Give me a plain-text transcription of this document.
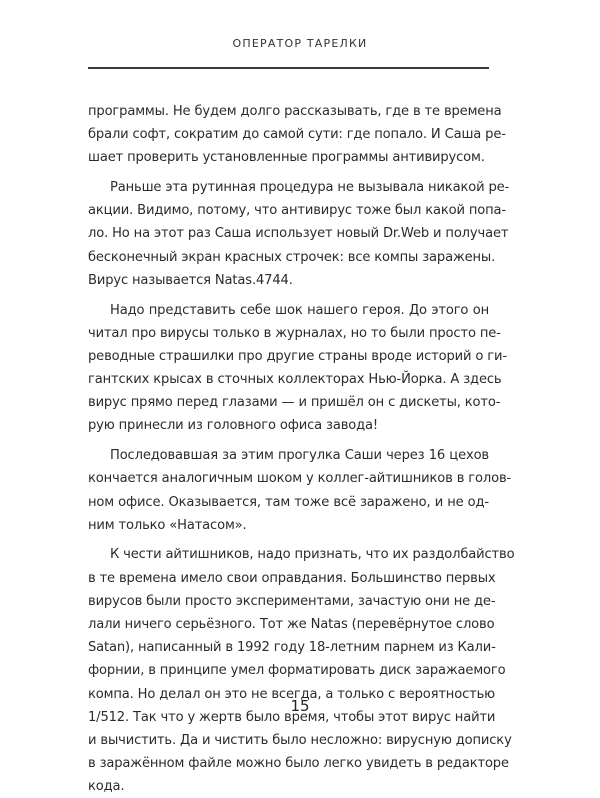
ОПЕРАТОР ТАРЕЛКИ
программы. Не будем долго рассказывать, где в те времена
брали софт, сократим до самой сути: где попало. И Саша ре-
шает проверить установленные программы антивирусом.
Раньше эта рутинная процедура не вызывала никакой ре-
акции. Видимо, потому, что антивирус тоже был какой попа-
ло. Но на этот раз Саша использует новый Dr.Web и получает
бесконечный экран красных строчек: все компы заражены.
Вирус называется Natas.4744.
Надо представить себе шок нашего героя. До этого он
читал про вирусы только в журналах, но то были просто пе-
реводные страшилки про другие страны вроде историй о ги-
гантских крысах в сточных коллекторах Нью-Йорка. А здесь
вирус прямо перед глазами — и пришёл он с дискеты, кото-
рую принесли из головного офиса завода!
Последовавшая за этим прогулка Саши через 16 цехов
кончается аналогичным шоком у коллег-айтишников в голов-
ном офисе. Оказывается, там тоже всё заражено, и не од-
ним только «Натасом».
К чести айтишников, надо признать, что их раздолбайство
в те времена имело свои оправдания. Большинство первых
вирусов были просто экспериментами, зачастую они не де-
лали ничего серьёзного. Тот же Natas (перевёрнутое слово
Satan), написанный в 1992 году 18-летним парнем из Кали-
форнии, в принципе умел форматировать диск заражаемого
компа. Но делал он это не всегда, а только с вероятностью
1/512. Так что у жертв было время, чтобы этот вирус найти
и вычистить. Да и чистить было несложно: вирусную дописку
в заражённом файле можно было легко увидеть в редакторе
кода.
15
